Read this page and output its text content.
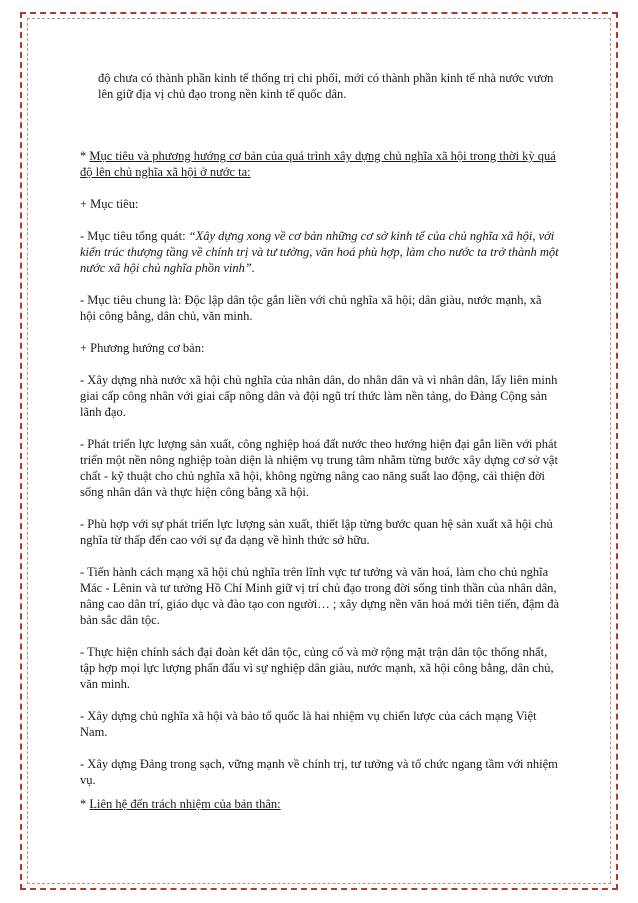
độ chưa có thành phần kinh tế thống trị chi phối, mới có thành phần kinh tế nhà nước vươn lên giữ địa vị chủ đạo trong nền kinh tế quốc dân.

* Mục tiêu và phương hướng cơ bản của quá trình xây dựng chủ nghĩa xã hội trong thời kỳ quá độ lên chủ nghĩa xã hội ở nước ta:

+ Mục tiêu:

- Mục tiêu tổng quát: “Xây dựng xong về cơ bản những cơ sở kinh tế của chủ nghĩa xã hội, với kiến trúc thượng tầng về chính trị và tư tưởng, văn hoá phù hợp, làm cho nước ta trở thành một nước xã hội chủ nghĩa phồn vinh”.

- Mục tiêu chung là: Độc lập dân tộc gắn liền với chủ nghĩa xã hội; dân giàu, nước mạnh, xã hội công bằng, dân chủ, văn minh.

+ Phương hướng cơ bản:

- Xây dựng nhà nước xã hội chủ nghĩa của nhân dân, do nhân dân và vì nhân dân, lấy liên minh giai cấp công nhân với giai cấp nông dân và đội ngũ trí thức làm nền tảng, do Đảng Cộng sản lãnh đạo.

- Phát triển lực lượng sản xuất, công nghiệp hoá đất nước theo hướng hiện đại gắn liền với phát triển một nền nông nghiệp toàn diện là nhiệm vụ trung tâm nhằm từng bước xây dựng cơ sở vật chất - kỹ thuật cho chủ nghĩa xã hội, không ngừng nâng cao năng suất lao động, cải thiện đời sống nhân dân và thực hiện công bằng xã hội.

- Phù hợp với sự phát triển lực lượng sản xuất, thiết lập từng bước quan hệ sản xuất xã hội chủ nghĩa từ thấp đến cao với sự đa dạng về hình thức sở hữu.

- Tiến hành cách mạng xã hội chủ nghĩa trên lĩnh vực tư tưởng và văn hoá, làm cho chủ nghĩa Mác - Lênin và tư tưởng Hồ Chí Minh giữ vị trí chủ đạo trong đời sống tinh thần của nhân dân, nâng cao dân trí, giáo dục và đào tạo con người… ; xây dựng nền văn hoá mới tiên tiến, đậm đà bản sắc dân tộc.

- Thực hiện chính sách đại đoàn kết dân tộc, củng cố và mở rộng mặt trận dân tộc thống nhất, tập hợp mọi lực lượng phấn đấu vì sự nghiệp dân giàu, nước mạnh, xã hội công bằng, dân chủ, văn minh.

- Xây dựng chủ nghĩa xã hội và bảo tổ quốc là hai nhiệm vụ chiến lược của cách mạng Việt Nam.

- Xây dựng Đảng trong sạch, vững mạnh về chính trị, tư tưởng và tổ chức ngang tầm với nhiệm vụ.

* Liên hệ đến trách nhiệm của bản thân:
